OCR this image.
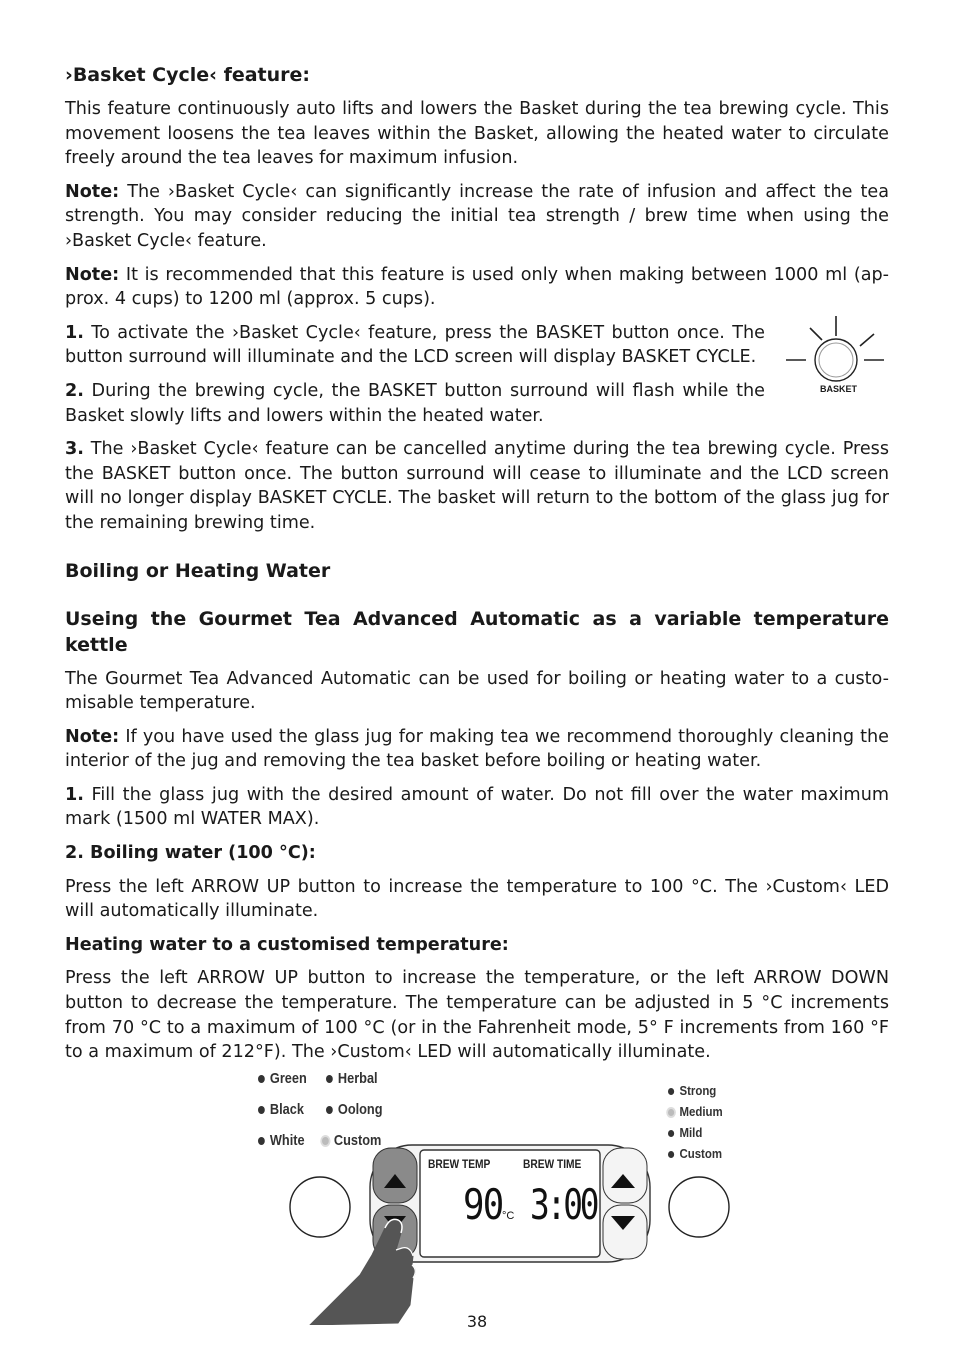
›Basket Cycle‹ feature:

This feature continuously auto lifts and lowers the Basket during the tea brewing cycle. This movement loosens the tea leaves within the Basket, allowing the heated water to circulate freely around the tea leaves for maximum infusion.

Note: The ›Basket Cycle‹ can significantly increase the rate of infusion and affect the tea strength. You may consider reducing the initial tea strength / brew time when using the ›Basket Cycle‹ feature.

Note: It is recommended that this feature is used only when making between 1000 ml (ap-prox. 4 cups) to 1200 ml (approx. 5 cups).

1. To activate the ›Basket Cycle‹ feature, press the BASKET button once. The button surround will illuminate and the LCD screen will display BASKET CYCLE.

2. During the brewing cycle, the BASKET button surround will flash while the Basket slowly lifts and lowers within the heated water.

3. The ›Basket Cycle‹ feature can be cancelled anytime during the tea brewing cycle. Press the BASKET button once. The button surround will cease to illuminate and the LCD screen will no longer display BASKET CYCLE. The basket will return to the bottom of the glass jug for the remaining brewing time.

Boiling or Heating Water
Useing the Gourmet Tea Advanced Automatic as a variable temperature kettle

The Gourmet Tea Advanced Automatic can be used for boiling or heating water to a custo-misable temperature.

Note: If you have used the glass jug for making tea we recommend thoroughly cleaning the interior of the jug and removing the tea basket before boiling or heating water.

1. Fill the glass jug with the desired amount of water. Do not fill over the water maximum mark (1500 ml WATER MAX).

2. Boiling water (100 °C):

Press the left ARROW UP button to increase the temperature to 100 °C. The ›Custom‹ LED will automatically illuminate.

Heating water to a customised temperature:

Press the left ARROW UP button to increase the temperature, or the left ARROW DOWN button to decrease the temperature. The temperature can be adjusted in 5 °C increments from 70 °C to a maximum of 100 °C (or in the Fahrenheit mode, 5° F increments from 160 °F to a maximum of 212°F). The ›Custom‹ LED will automatically illuminate.

BASKET
Green	Herbal
Black	Oolong
White	Custom
Strong
Medium
Mild
Custom
BREW TEMP	BREW TIME
90 °C 3:00
38
